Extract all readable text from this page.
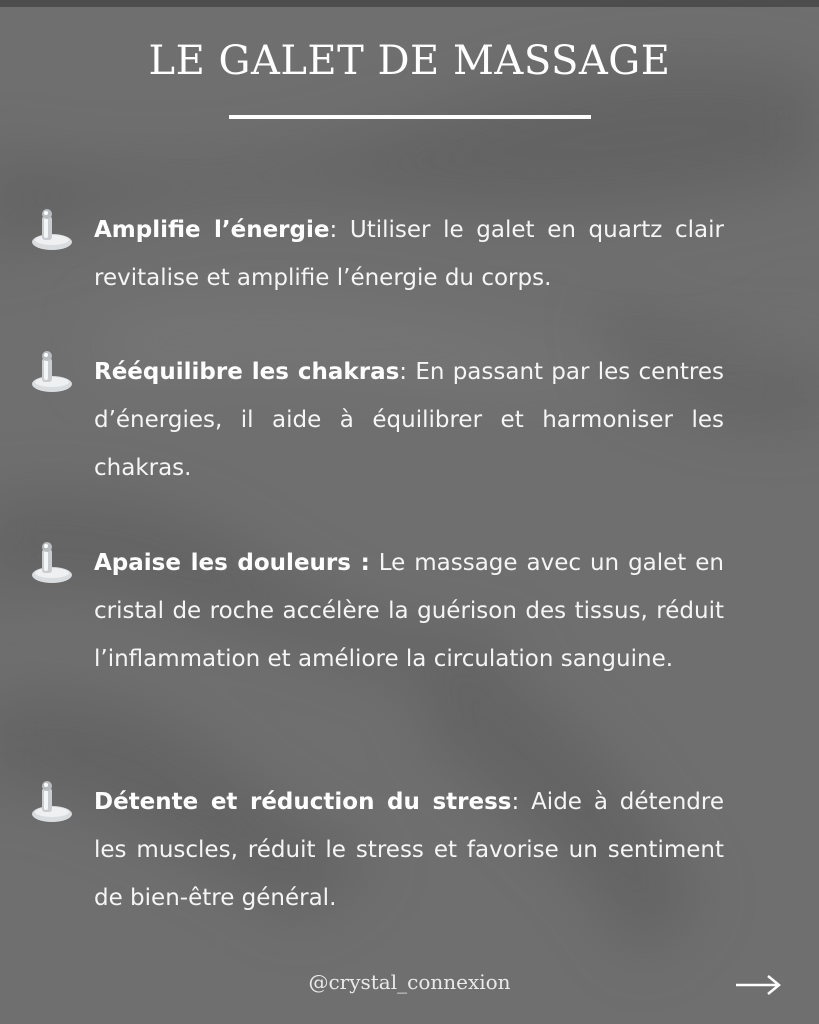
LE GALET DE MASSAGE
Amplifie l’énergie: Utiliser le galet en quartz clair revitalise et amplifie l’énergie du corps.
Rééquilibre les chakras: En passant par les centres d’énergies, il aide à équilibrer et harmoniser les chakras.
Apaise les douleurs : Le massage avec un galet en cristal de roche accélère la guérison des tissus, réduit l’inflammation et améliore la circulation sanguine.
Détente et réduction du stress: Aide à détendre les muscles, réduit le stress et favorise un sentiment de bien-être général.
@crystal_connexion
